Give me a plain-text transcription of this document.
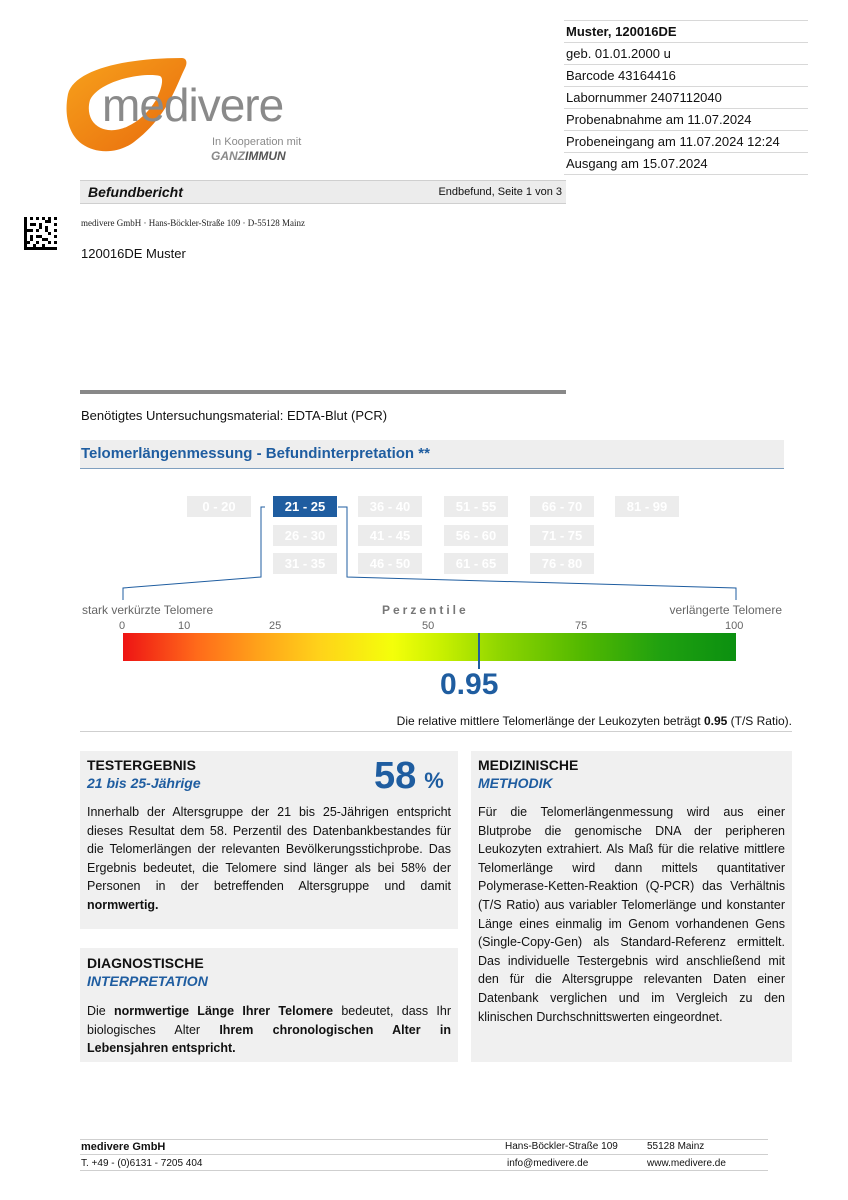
Muster, 120016DE
geb. 01.01.2000 u
Barcode 43164416
Labornummer 2407112040
Probenabnahme am 11.07.2024
Probeneingang am 11.07.2024 12:24
Ausgang am 15.07.2024
medivere
In Kooperation mit
GANZIMMUN
Befundbericht	Endbefund, Seite 1 von 3
medivere GmbH · Hans-Böckler-Straße 109 · D-55128 Mainz
120016DE Muster
Benötigtes Untersuchungsmaterial: EDTA-Blut (PCR)
Telomerlängenmessung - Befundinterpretation **
0 - 20	21 - 25
26 - 30
31 - 35
36 - 40
41 - 45
46 - 50
51 - 55
56 - 60
61 - 65
66 - 70
71 - 75
76 - 80
81 - 99
stark verkürzte Telomere	Perzentile	verlängerte Telomere
0	10	25	50	75	100
0.95
Die relative mittlere Telomerlänge der Leukozyten beträgt 0.95 (T/S Ratio).
TESTERGEBNIS
21 bis 25-Jährige	58 %
Innerhalb der Altersgruppe der 21 bis 25-Jährigen entspricht dieses Resultat dem 58. Perzentil des Datenbankbestandes für die Telomerlängen der relevanten Bevölkerungsstichprobe. Das Ergebnis bedeutet, die Telomere sind länger als bei 58% der Personen in der betreffenden Altersgruppe und damit normwertig.
DIAGNOSTISCHE
INTERPRETATION
Die normwertige Länge Ihrer Telomere bedeutet, dass Ihr biologisches Alter Ihrem chronologischen Alter in Lebensjahren entspricht.
MEDIZINISCHE
METHODIK
Für die Telomerlängenmessung wird aus einer Blutprobe die genomische DNA der peripheren Leukozyten extrahiert. Als Maß für die relative mittlere Telomerlänge wird dann mittels quantitativer Polymerase-Ketten-Reaktion (Q-PCR) das Verhältnis (T/S Ratio) aus variabler Telomerlänge und konstanter Länge eines einmalig im Genom vorhandenen Gens (Single-Copy-Gen) als Standard-Referenz ermittelt. Das individuelle Testergebnis wird anschließend mit den für die Altersgruppe relevanten Daten einer Datenbank verglichen und im Vergleich zu den klinischen Durchschnittswerten eingeordnet.
medivere GmbH	Hans-Böckler-Straße 109	55128 Mainz
T. +49 - (0)6131 - 7205 404	info@medivere.de	www.medivere.de
